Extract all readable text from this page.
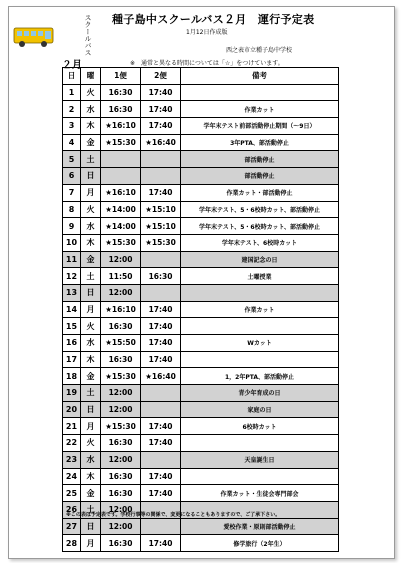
スクールバス 種子島中スクールバス２月　運行予定表
1月12日作成版
西之表市立種子島中学校
２月	※　通常と異なる時間については「☆」をつけています。
日	曜	1便	2便	備考
1	火	16:30	17:40	
2	水	16:30	17:40	作業カット
3	木	★16:10	17:40	学年末テスト前部活動停止期間（～9日）
4	金	★15:30	★16:40	3年PTA、部活動停止
5	土			部活動停止
6	日			部活動停止
7	月	★16:10	17:40	作業カット・部活動停止
8	火	★14:00	★15:10	学年末テスト、5・6校時カット、部活動停止
9	水	★14:00	★15:10	学年末テスト、5・6校時カット、部活動停止
10	木	★15:30	★15:30	学年末テスト、6校時カット
11	金	12:00		建国記念の日
12	土	11:50	16:30	土曜授業
13	日	12:00		
14	月	★16:10	17:40	作業カット
15	火	16:30	17:40	
16	水	★15:50	17:40	Wカット
17	木	16:30	17:40	
18	金	★15:30	★16:40	1，2年PTA、部活動停止
19	土	12:00		青少年育成の日
20	日	12:00		家庭の日
21	月	★15:30	17:40	6校時カット
22	火	16:30	17:40	
23	水	12:00		天皇誕生日
24	木	16:30	17:40	
25	金	16:30	17:40	作業カット・生徒会専門部会
26	土	12:00		
27	日	12:00		愛校作業・原則部活動停止
28	月	16:30	17:40	修学旅行（2年生）
※この表は予定表です。学校行事等の関係で、変更になることもありますので、ご了承下さい。
